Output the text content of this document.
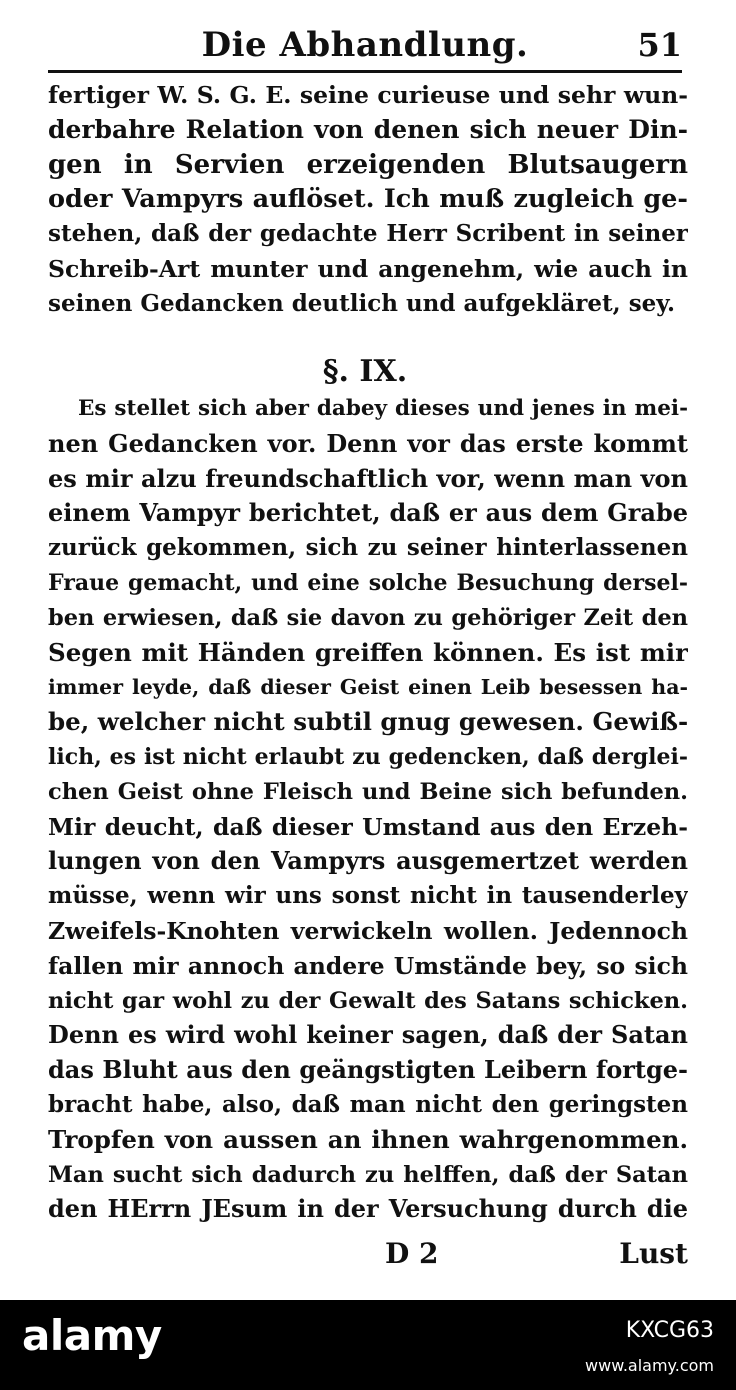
Die Abhandlung.	51
fertiger W. S. G. E. seine curieuse und sehr wun-
derbahre Relation von denen sich neuer Din-
gen in Servien erzeigenden Blutsaugern
oder Vampyrs auflöset. Ich muß zugleich ge-
stehen, daß der gedachte Herr Scribent in seiner
Schreib-Art munter und angenehm, wie auch in
seinen Gedancken deutlich und aufgekläret, sey.
§. IX.
Es stellet sich aber dabey dieses und jenes in mei-
nen Gedancken vor. Denn vor das erste kommt
es mir alzu freundschaftlich vor, wenn man von
einem Vampyr berichtet, daß er aus dem Grabe
zurück gekommen, sich zu seiner hinterlassenen
Fraue gemacht, und eine solche Besuchung dersel-
ben erwiesen, daß sie davon zu gehöriger Zeit den
Segen mit Händen greiffen können. Es ist mir
immer leyde, daß dieser Geist einen Leib besessen ha-
be, welcher nicht subtil gnug gewesen. Gewiß-
lich, es ist nicht erlaubt zu gedencken, daß derglei-
chen Geist ohne Fleisch und Beine sich befunden.
Mir deucht, daß dieser Umstand aus den Erzeh-
lungen von den Vampyrs ausgemertzet werden
müsse, wenn wir uns sonst nicht in tausenderley
Zweifels-Knohten verwickeln wollen. Jedennoch
fallen mir annoch andere Umstände bey, so sich
nicht gar wohl zu der Gewalt des Satans schicken.
Denn es wird wohl keiner sagen, daß der Satan
das Bluht aus den geängstigten Leibern fortge-
bracht habe, also, daß man nicht den geringsten
Tropfen von aussen an ihnen wahrgenommen.
Man sucht sich dadurch zu helffen, daß der Satan
den HErrn JEsum in der Versuchung durch die
D 2	Lust
alamy	KXCG63
www.alamy.com
